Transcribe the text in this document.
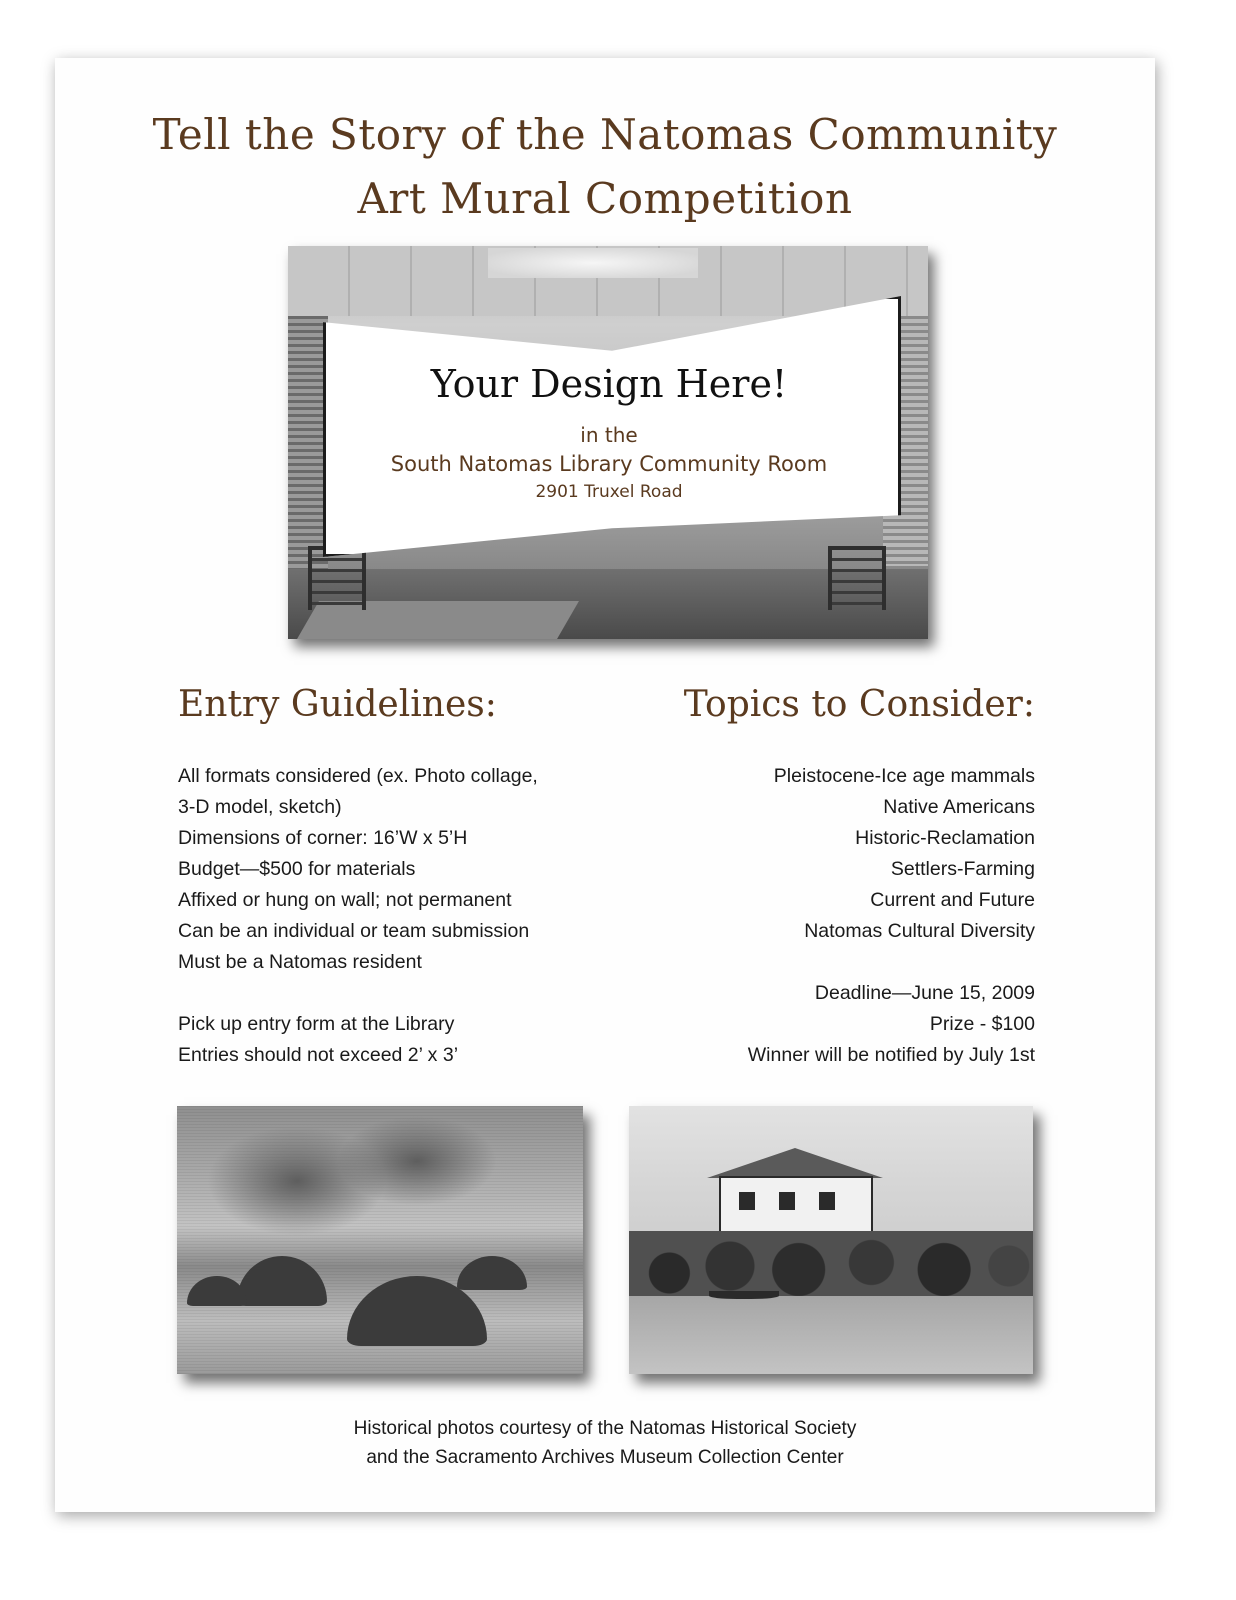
Tell the Story of the Natomas Community
Art Mural Competition
Your Design Here!
in the
South Natomas Library Community Room
2901 Truxel Road
Entry Guidelines:	Topics to Consider:
All formats considered (ex. Photo collage,
3-D model, sketch)
Dimensions of corner: 16’W x 5’H
Budget—$500 for materials
Affixed or hung on wall; not permanent
Can be an individual or team submission
Must be a Natomas resident
Pick up entry form at the Library
Entries should not exceed 2’ x 3’
Pleistocene-Ice age mammals
Native Americans
Historic-Reclamation
Settlers-Farming
Current and Future
Natomas Cultural Diversity
Deadline—June 15, 2009
Prize - $100
Winner will be notified by July 1st
Historical photos courtesy of the Natomas Historical Society
and the Sacramento Archives Museum Collection Center
